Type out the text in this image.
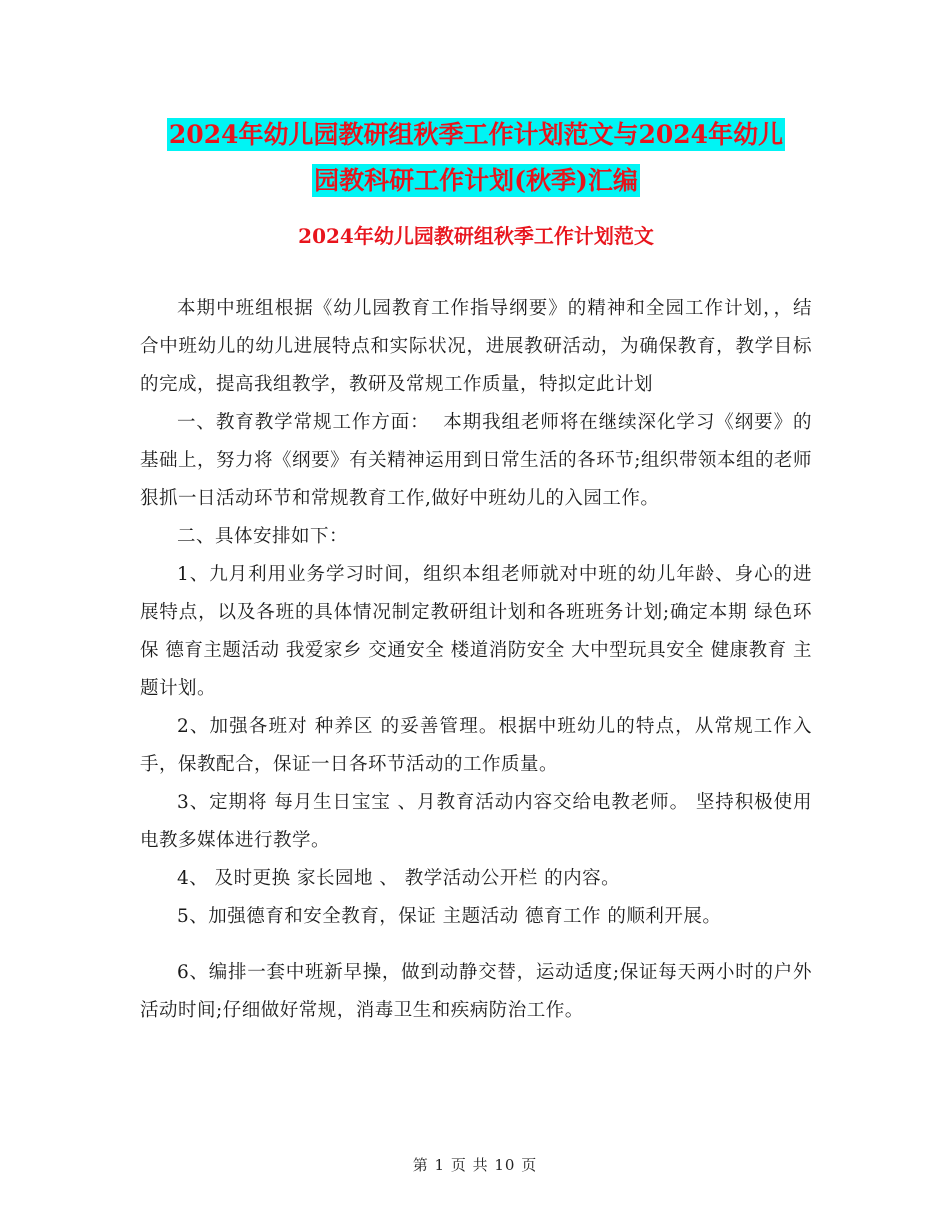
2024年幼儿园教研组秋季工作计划范文与2024年幼儿
园教科研工作计划(秋季)汇编
2024年幼儿园教研组秋季工作计划范文

本期中班组根据《幼儿园教育工作指导纲要》的精神和全园工作计划，，结合中班幼儿的幼儿进展特点和实际状况，进展教研活动，为确保教育，教学目标的完成，提高我组教学，教研及常规工作质量，特拟定此计划

一、教育教学常规工作方面：  本期我组老师将在继续深化学习《纲要》的基础上，努力将《纲要》有关精神运用到日常生活的各环节;组织带领本组的老师狠抓一日活动环节和常规教育工作,做好中班幼儿的入园工作。

二、具体安排如下：

1、九月利用业务学习时间，组织本组老师就对中班的幼儿年龄、身心的进展特点，以及各班的具体情况制定教研组计划和各班班务计划;确定本期 绿色环保 德育主题活动 我爱家乡 交通安全 楼道消防安全 大中型玩具安全 健康教育 主题计划。

2、加强各班对 种养区 的妥善管理。根据中班幼儿的特点，从常规工作入手，保教配合，保证一日各环节活动的工作质量。

3、定期将 每月生日宝宝 、月教育活动内容交给电教老师。 坚持积极使用电教多媒体进行教学。

4、 及时更换 家长园地 、 教学活动公开栏 的内容。

5、加强德育和安全教育，保证 主题活动 德育工作 的顺利开展。

6、编排一套中班新早操，做到动静交替，运动适度;保证每天两小时的户外活动时间;仔细做好常规，消毒卫生和疾病防治工作。

第 1 页 共 10 页
